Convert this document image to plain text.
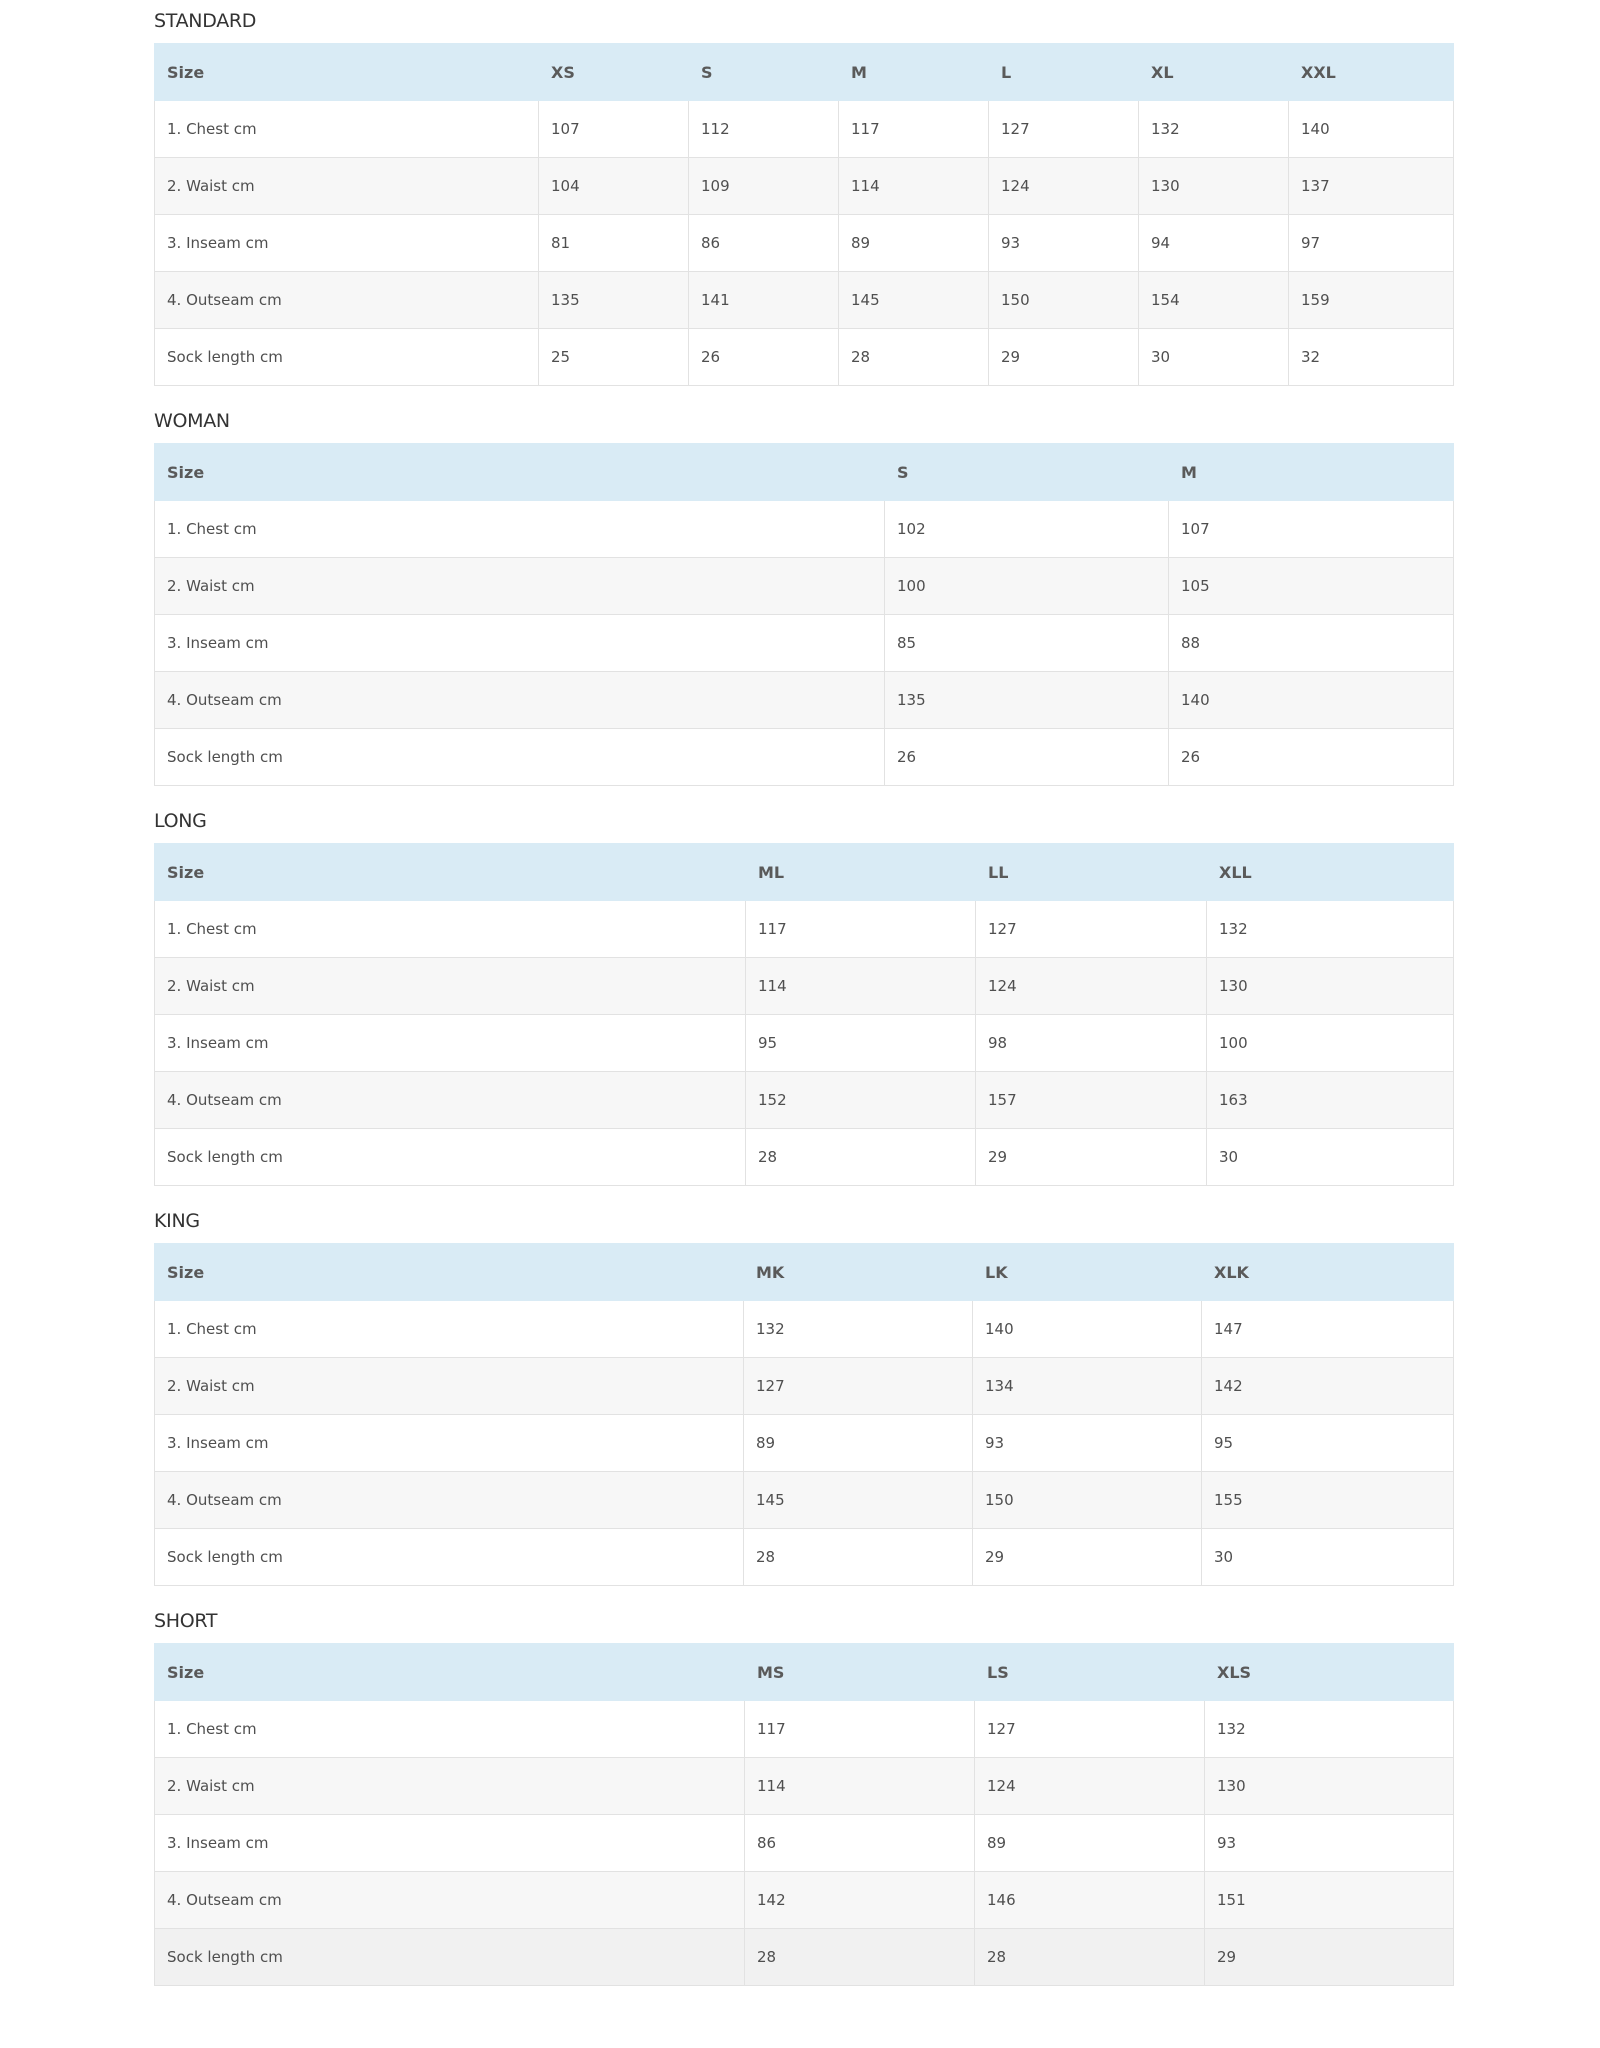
STANDARD
Size	XS	S	M	L	XL	XXL
1. Chest cm	107	112	117	127	132	140
2. Waist cm	104	109	114	124	130	137
3. Inseam cm	81	86	89	93	94	97
4. Outseam cm	135	141	145	150	154	159
Sock length cm	25	26	28	29	30	32
WOMAN
Size	S	M
1. Chest cm	102	107
2. Waist cm	100	105
3. Inseam cm	85	88
4. Outseam cm	135	140
Sock length cm	26	26
LONG
Size	ML	LL	XLL
1. Chest cm	117	127	132
2. Waist cm	114	124	130
3. Inseam cm	95	98	100
4. Outseam cm	152	157	163
Sock length cm	28	29	30
KING
Size	MK	LK	XLK
1. Chest cm	132	140	147
2. Waist cm	127	134	142
3. Inseam cm	89	93	95
4. Outseam cm	145	150	155
Sock length cm	28	29	30
SHORT
Size	MS	LS	XLS
1. Chest cm	117	127	132
2. Waist cm	114	124	130
3. Inseam cm	86	89	93
4. Outseam cm	142	146	151
Sock length cm	28	28	29
